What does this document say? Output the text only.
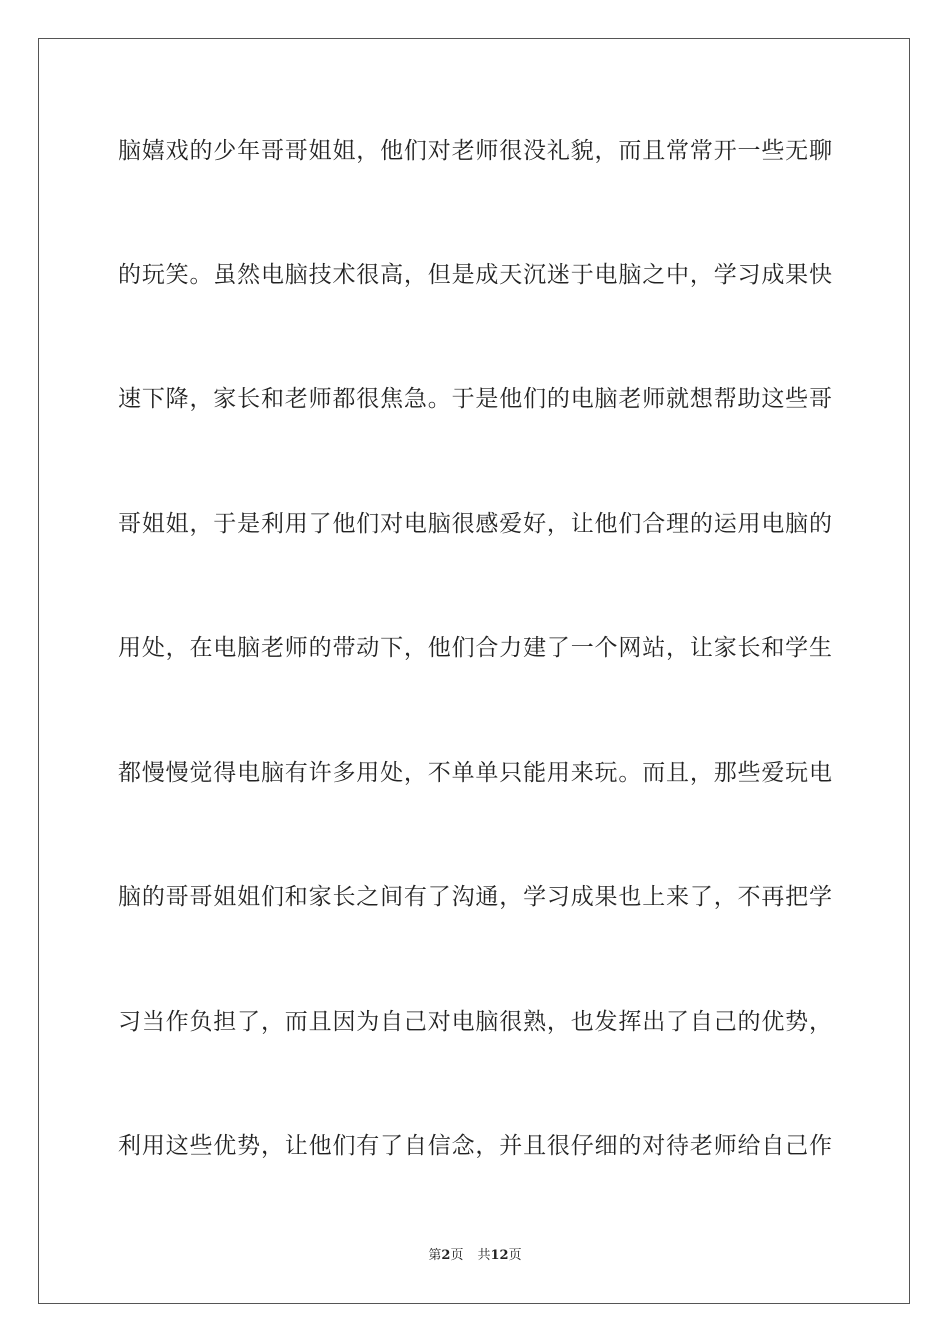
脑嬉戏的少年哥哥姐姐，他们对老师很没礼貌，而且常常开一些无聊
的玩笑。虽然电脑技术很高，但是成天沉迷于电脑之中，学习成果快
速下降，家长和老师都很焦急。于是他们的电脑老师就想帮助这些哥
哥姐姐，于是利用了他们对电脑很感爱好，让他们合理的运用电脑的
用处，在电脑老师的带动下，他们合力建了一个网站，让家长和学生
都慢慢觉得电脑有许多用处，不单单只能用来玩。而且，那些爱玩电
脑的哥哥姐姐们和家长之间有了沟通，学习成果也上来了，不再把学
习当作负担了，而且因为自己对电脑很熟，也发挥出了自己的优势，
利用这些优势，让他们有了自信念，并且很仔细的对待老师给自己作
第2页 共12页
